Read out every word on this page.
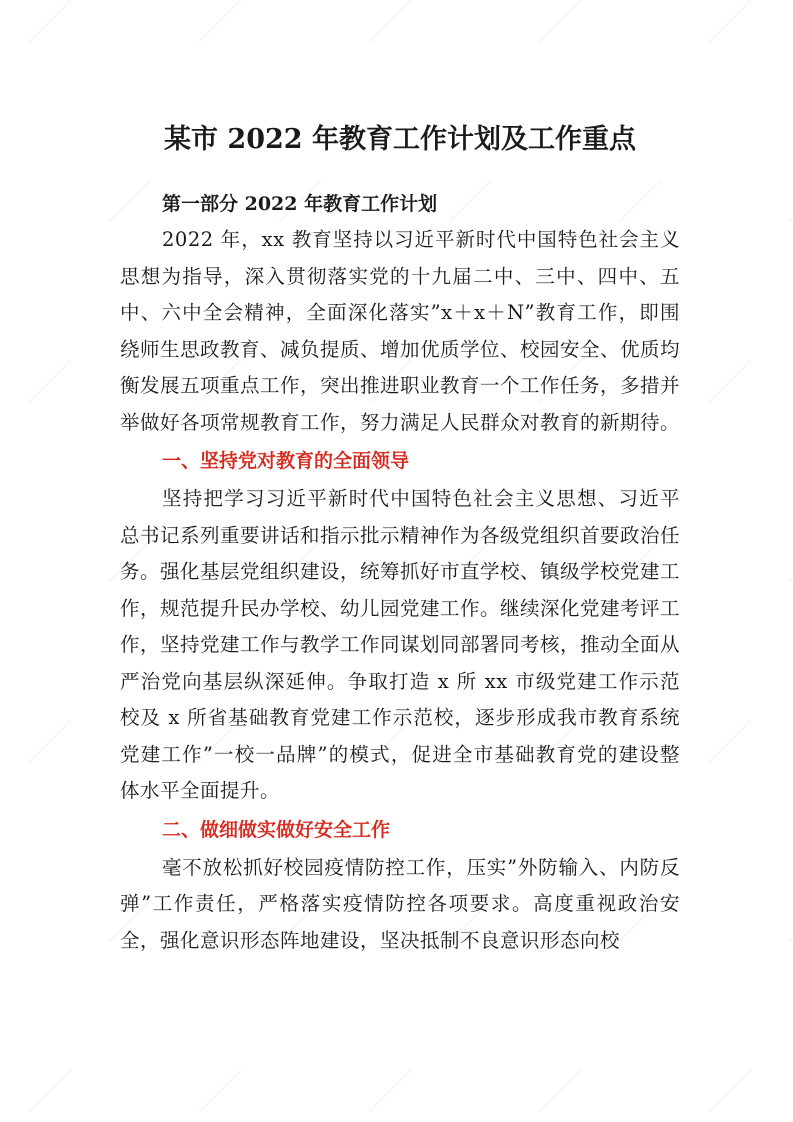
某市 2022 年教育工作计划及工作重点

第一部分 2022 年教育工作计划

2022 年，xx 教育坚持以习近平新时代中国特色社会主义思想为指导，深入贯彻落实党的十九届二中、三中、四中、五中、六中全会精神，全面深化落实”x＋x＋N”教育工作，即围绕师生思政教育、减负提质、增加优质学位、校园安全、优质均衡发展五项重点工作，突出推进职业教育一个工作任务，多措并举做好各项常规教育工作，努力满足人民群众对教育的新期待。

一、坚持党对教育的全面领导

坚持把学习习近平新时代中国特色社会主义思想、习近平总书记系列重要讲话和指示批示精神作为各级党组织首要政治任务。强化基层党组织建设，统筹抓好市直学校、镇级学校党建工作，规范提升民办学校、幼儿园党建工作。继续深化党建考评工作，坚持党建工作与教学工作同谋划同部署同考核，推动全面从严治党向基层纵深延伸。争取打造 x 所 xx 市级党建工作示范校及 x 所省基础教育党建工作示范校，逐步形成我市教育系统党建工作”一校一品牌”的模式，促进全市基础教育党的建设整体水平全面提升。

二、做细做实做好安全工作

毫不放松抓好校园疫情防控工作，压实”外防输入、内防反弹”工作责任，严格落实疫情防控各项要求。高度重视政治安全，强化意识形态阵地建设，坚决抵制不良意识形态向校
